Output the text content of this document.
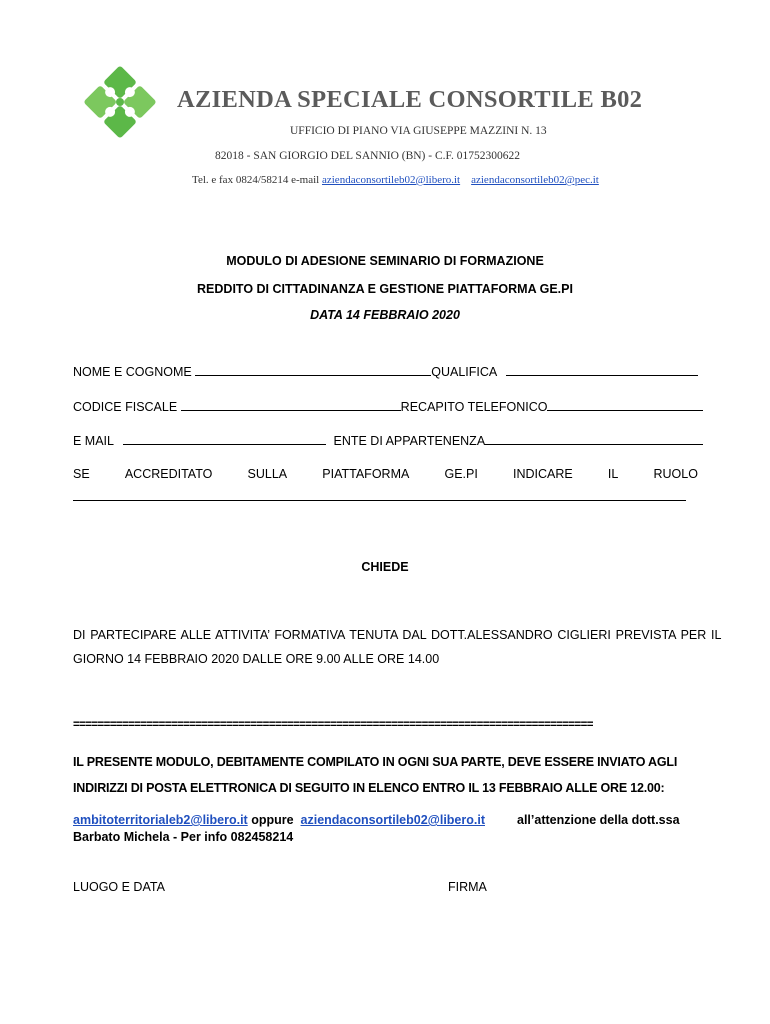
AZIENDA SPECIALE CONSORTILE B02
UFFICIO DI PIANO VIA GIUSEPPE MAZZINI N. 13
82018 - SAN GIORGIO DEL SANNIO (BN) - C.F. 01752300622
Tel. e fax 0824/58214 e-mail aziendaconsortileb02@libero.it aziendaconsortileb02@pec.it
MODULO DI ADESIONE SEMINARIO DI FORMAZIONE
REDDITO DI CITTADINANZA E GESTIONE PIATTAFORMA GE.PI
DATA 14 FEBBRAIO 2020
NOME E COGNOME	QUALIFICA
CODICE FISCALE	RECAPITO TELEFONICO
E MAIL	ENTE DI APPARTENENZA
SE	ACCREDITATO	SULLA	PIATTAFORMA	GE.PI	INDICARE	IL	RUOLO
CHIEDE
DI PARTECIPARE ALLE ATTIVITA’ FORMATIVA TENUTA DAL DOTT.ALESSANDRO CIGLIERI PREVISTA PER IL
GIORNO 14 FEBBRAIO 2020 DALLE ORE 9.00 ALLE ORE 14.00
=====================================================================================
IL PRESENTE MODULO, DEBITAMENTE COMPILATO IN OGNI SUA PARTE, DEVE ESSERE INVIATO AGLI
INDIRIZZI DI POSTA ELETTRONICA DI SEGUITO IN ELENCO ENTRO IL 13 FEBBRAIO ALLE ORE 12.00:
ambitoterritorialeb2@libero.it oppure  aziendaconsortileb02@libero.it	all’attenzione della dott.ssa
Barbato Michela - Per info 082458214
LUOGO E DATA	FIRMA
